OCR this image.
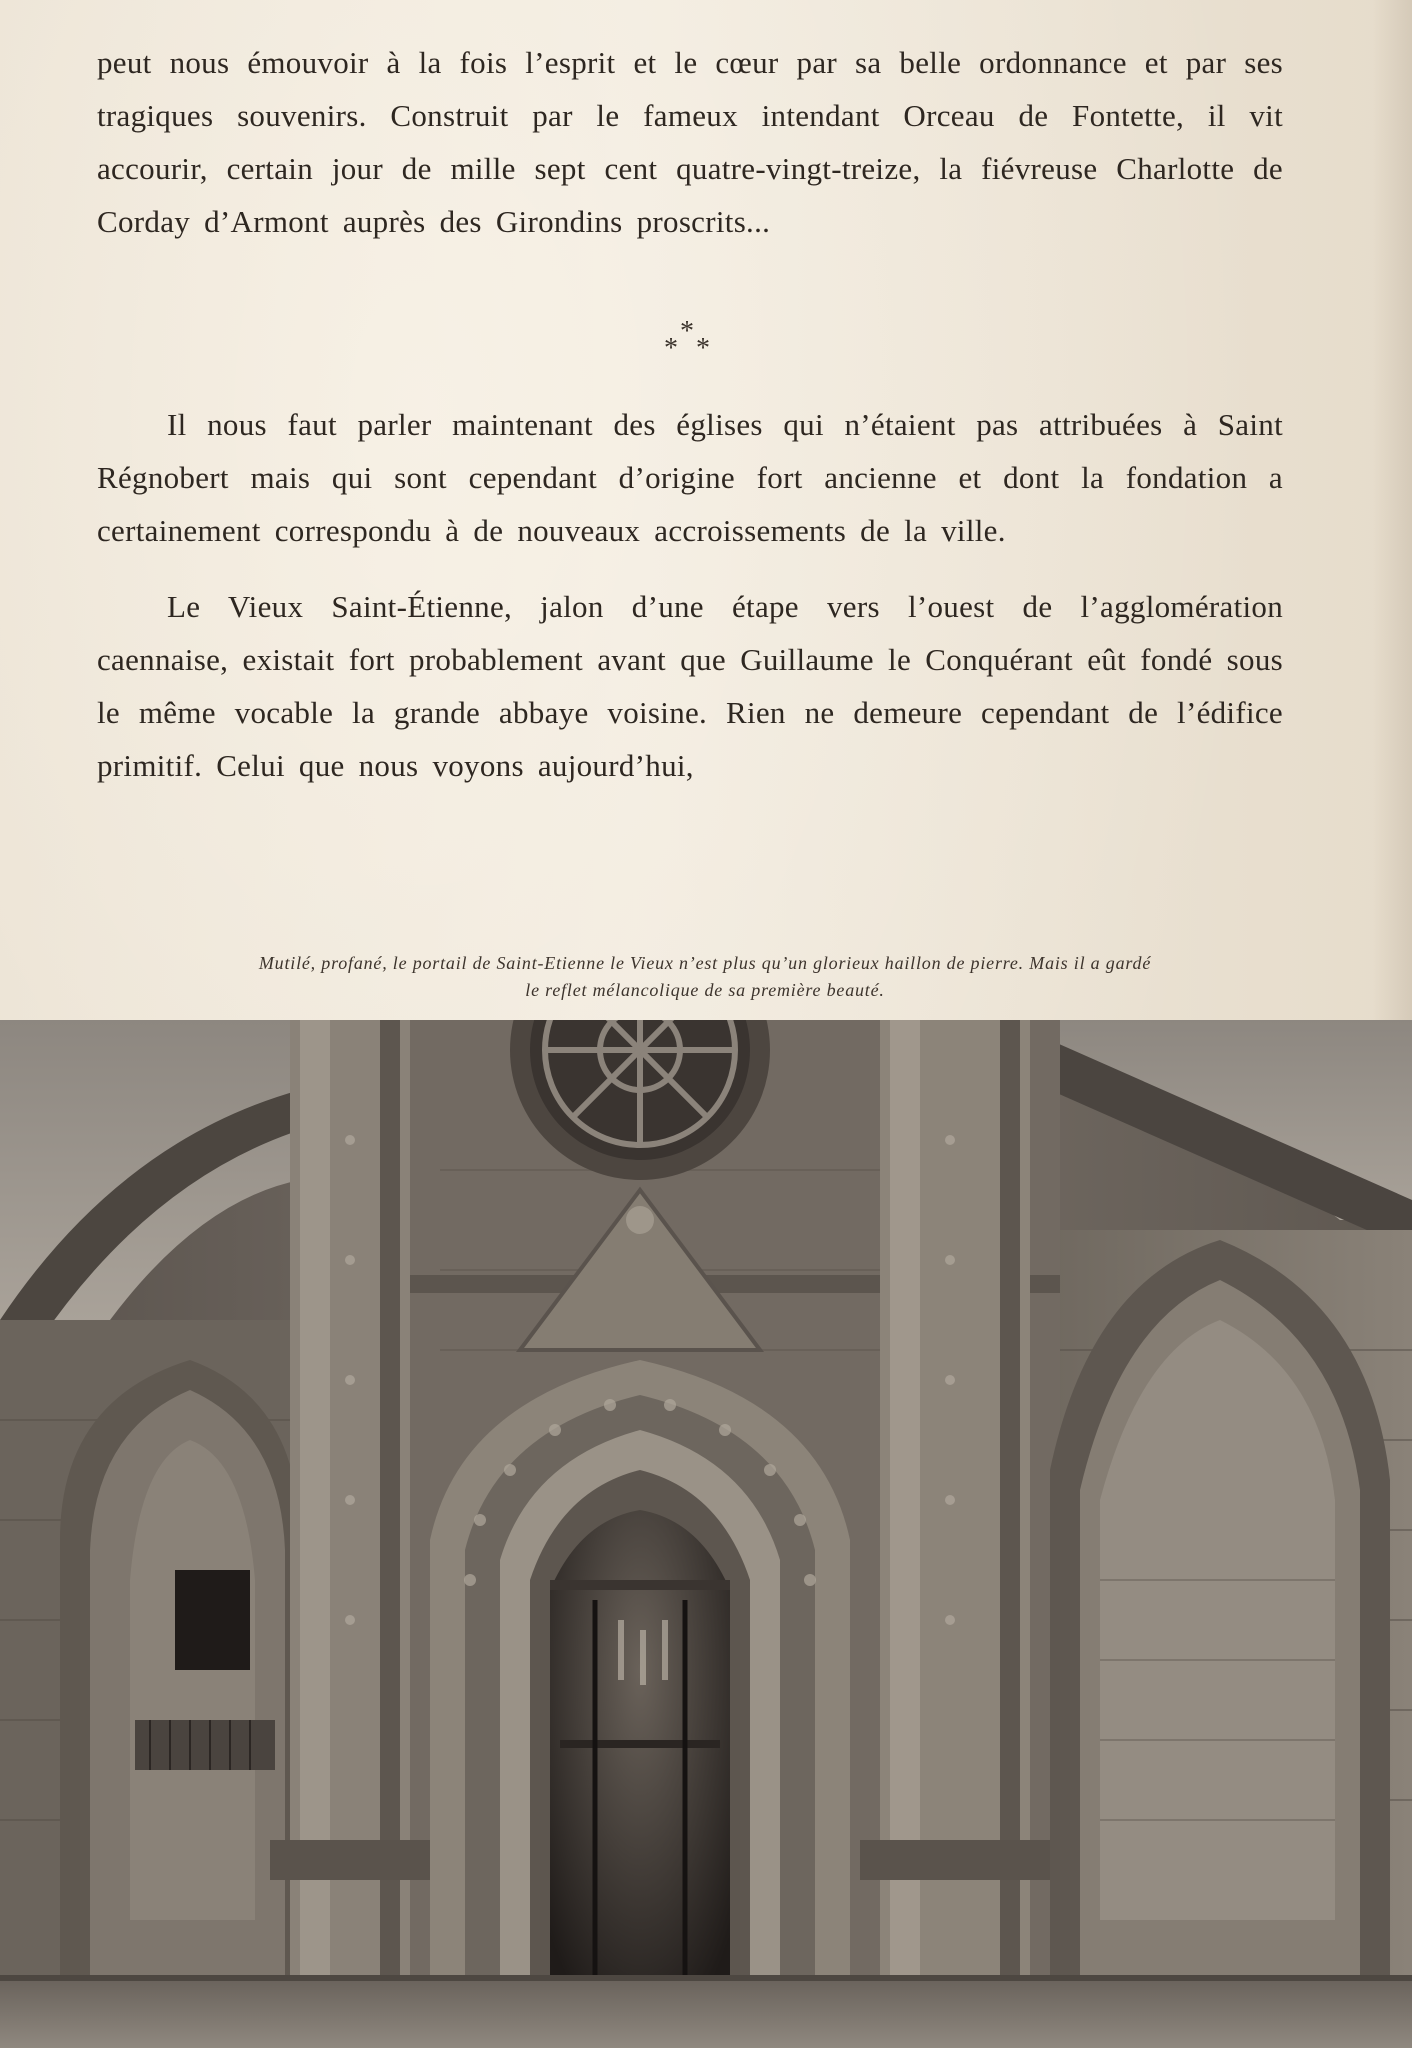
peut nous émouvoir à la fois l’esprit et le cœur par sa belle ordonnance et par ses tragiques souvenirs. Construit par le fameux intendant Orceau de Fontette, il vit accourir, certain jour de mille sept cent quatre-vingt-treize, la fiévreuse Charlotte de Corday d’Armont auprès des Girondins proscrits...

*
* *

Il nous faut parler maintenant des églises qui n’étaient pas attribuées à Saint Régnobert mais qui sont cependant d’origine fort ancienne et dont la fondation a certainement correspondu à de nouveaux accroissements de la ville.

Le Vieux Saint-Étienne, jalon d’une étape vers l’ouest de l’agglomération caennaise, existait fort probablement avant que Guillaume le Conquérant eût fondé sous le même vocable la grande abbaye voisine. Rien ne demeure cependant de l’édifice primitif. Celui que nous voyons aujourd’hui,

Mutilé, profané, le portail de Saint-Etienne le Vieux n’est plus qu’un glorieux haillon de pierre. Mais il a gardé
le reflet mélancolique de sa première beauté.
